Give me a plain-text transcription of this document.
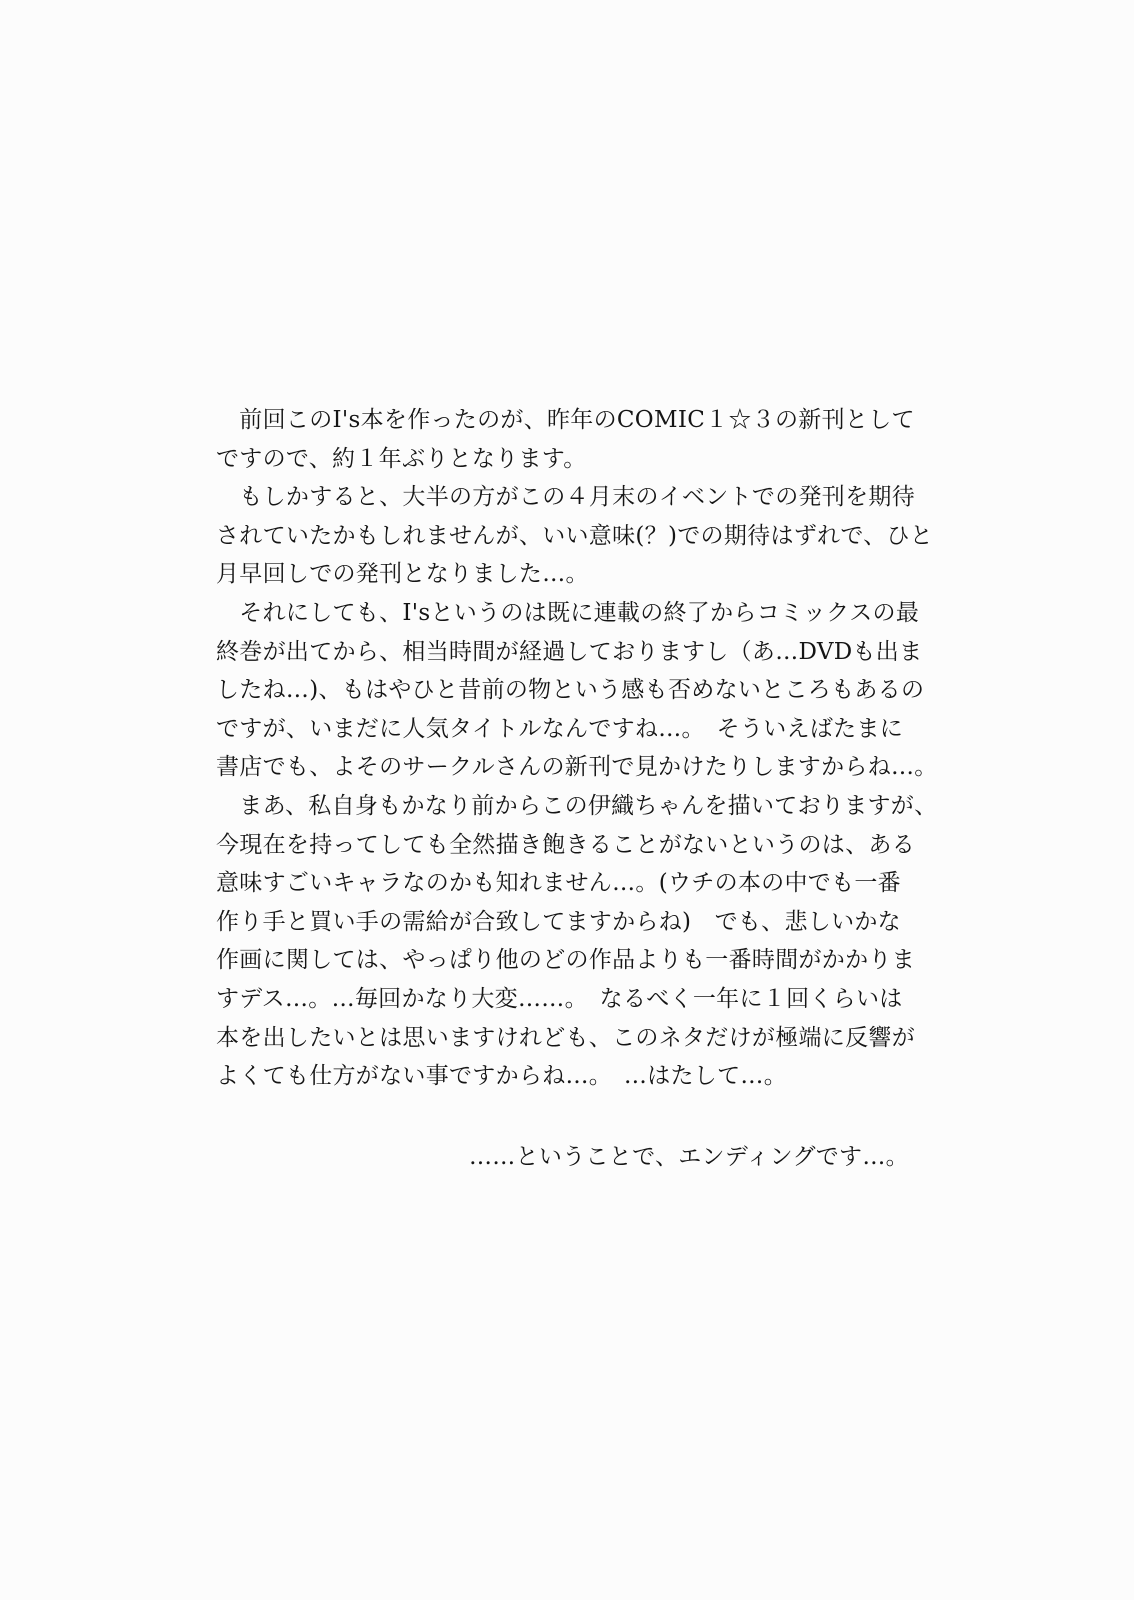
　前回このI's本を作ったのが、昨年のCOMIC１☆３の新刊として
ですので、約１年ぶりとなります。
　もしかすると、大半の方がこの４月末のイベントでの発刊を期待
されていたかもしれませんが、いい意味(？)での期待はずれで、ひと
月早回しでの発刊となりました…。
　それにしても、I'sというのは既に連載の終了からコミックスの最
終巻が出てから、相当時間が経過しておりますし（あ…DVDも出ま
したね…)、もはやひと昔前の物という感も否めないところもあるの
ですが、いまだに人気タイトルなんですね…。　そういえばたまに
書店でも、よそのサークルさんの新刊で見かけたりしますからね…。
　まあ、私自身もかなり前からこの伊織ちゃんを描いておりますが、
今現在を持ってしても全然描き飽きることがないというのは、ある
意味すごいキャラなのかも知れません…。(ウチの本の中でも一番
作り手と買い手の需給が合致してますからね)　でも、悲しいかな
作画に関しては、やっぱり他のどの作品よりも一番時間がかかりま
すデス…。…毎回かなり大変……。　なるべく一年に１回くらいは
本を出したいとは思いますけれども、このネタだけが極端に反響が
よくても仕方がない事ですからね…。　…はたして…。
……ということで、エンディングです…。
